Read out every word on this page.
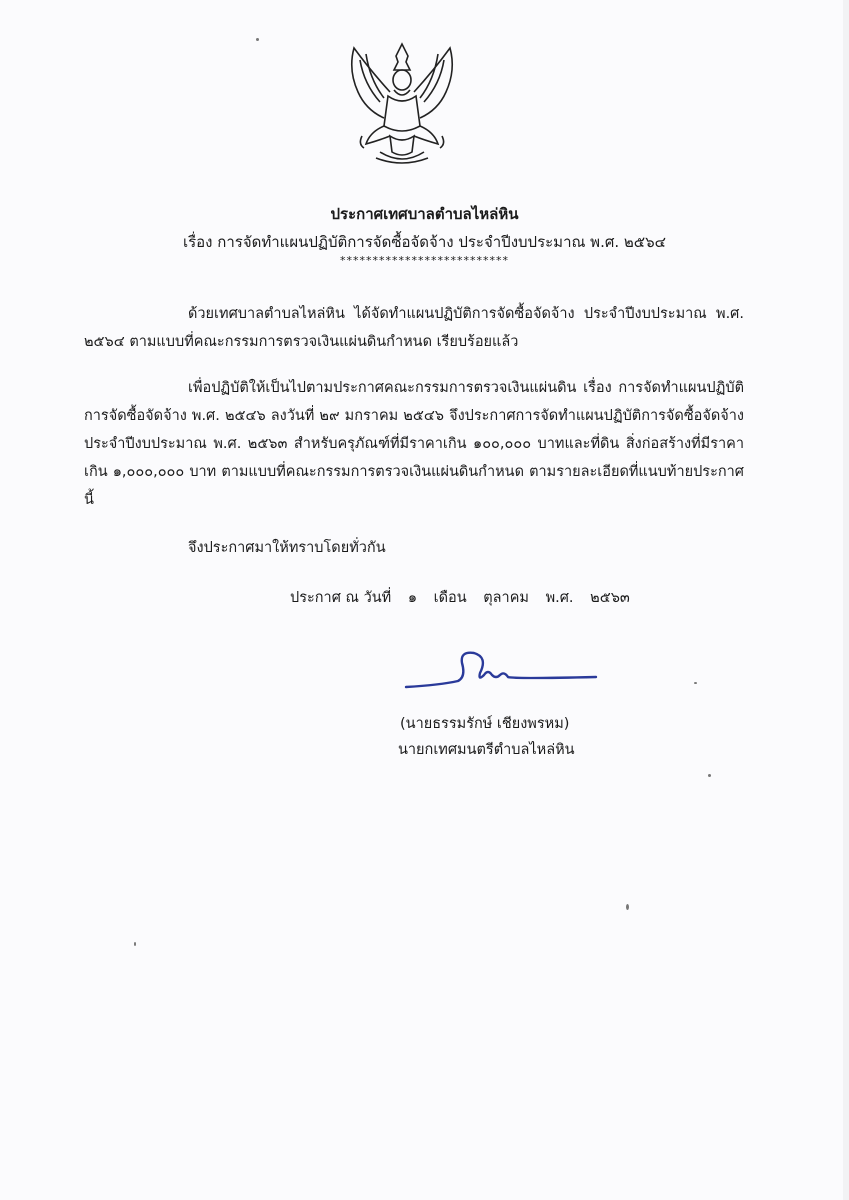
ประกาศเทศบาลตำบลไหล่หิน
เรื่อง การจัดทำแผนปฏิบัติการจัดซื้อจัดจ้าง ประจำปีงบประมาณ พ.ศ. ๒๕๖๔
**************************
ด้วยเทศบาลตำบลไหล่หิน ได้จัดทำแผนปฏิบัติการจัดซื้อจัดจ้าง ประจำปีงบประมาณ พ.ศ. ๒๕๖๔ ตามแบบที่คณะกรรมการตรวจเงินแผ่นดินกำหนด เรียบร้อยแล้ว
เพื่อปฏิบัติให้เป็นไปตามประกาศคณะกรรมการตรวจเงินแผ่นดิน เรื่อง การจัดทำแผนปฏิบัติการจัดซื้อจัดจ้าง พ.ศ. ๒๕๔๖ ลงวันที่ ๒๙ มกราคม ๒๕๔๖ จึงประกาศการจัดทำแผนปฏิบัติการจัดซื้อจัดจ้าง ประจำปีงบประมาณ พ.ศ. ๒๕๖๓ สำหรับครุภัณฑ์ที่มีราคาเกิน ๑๐๐,๐๐๐ บาทและที่ดิน สิ่งก่อสร้างที่มีราคาเกิน ๑,๐๐๐,๐๐๐ บาท ตามแบบที่คณะกรรมการตรวจเงินแผ่นดินกำหนด ตามรายละเอียดที่แนบท้ายประกาศนี้
จึงประกาศมาให้ทราบโดยทั่วกัน
ประกาศ ณ วันที่ ๑ เดือน ตุลาคม พ.ศ. ๒๕๖๓
(นายธรรมรักษ์ เชียงพรหม)
นายกเทศมนตรีตำบลไหล่หิน
